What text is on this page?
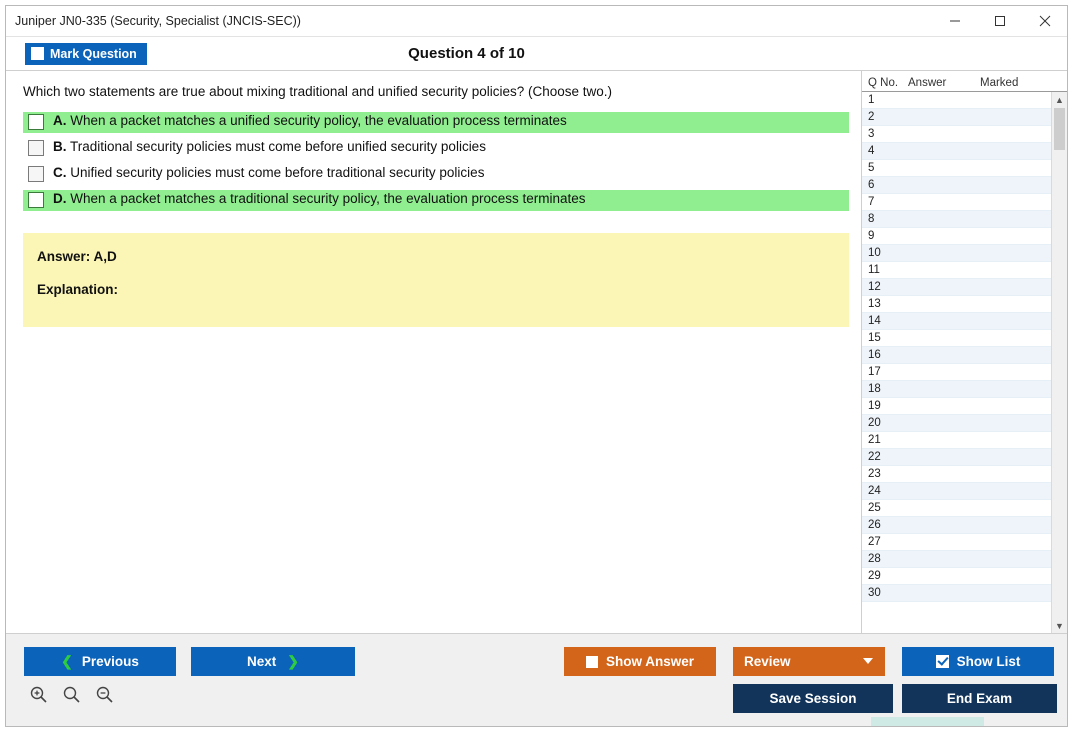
Juniper JN0-335 (Security, Specialist (JNCIS-SEC))
Mark Question	Question 4 of 10
Which two statements are true about mixing traditional and unified security policies? (Choose two.)
A. When a packet matches a unified security policy, the evaluation process terminates
B. Traditional security policies must come before unified security policies
C. Unified security policies must come before traditional security policies
D. When a packet matches a traditional security policy, the evaluation process terminates
Answer: A,D
Explanation:
Q No. Answer	Marked
1
2
3
4
5
6
7
8
9
10
11
12
13
14
15
16
17
18
19
20
21
22
23
24
25
26
27
28
29
30
▲
▼
❮ Previous	Next ❯	Show Answer	Review	Show List
Save Session	End Exam
